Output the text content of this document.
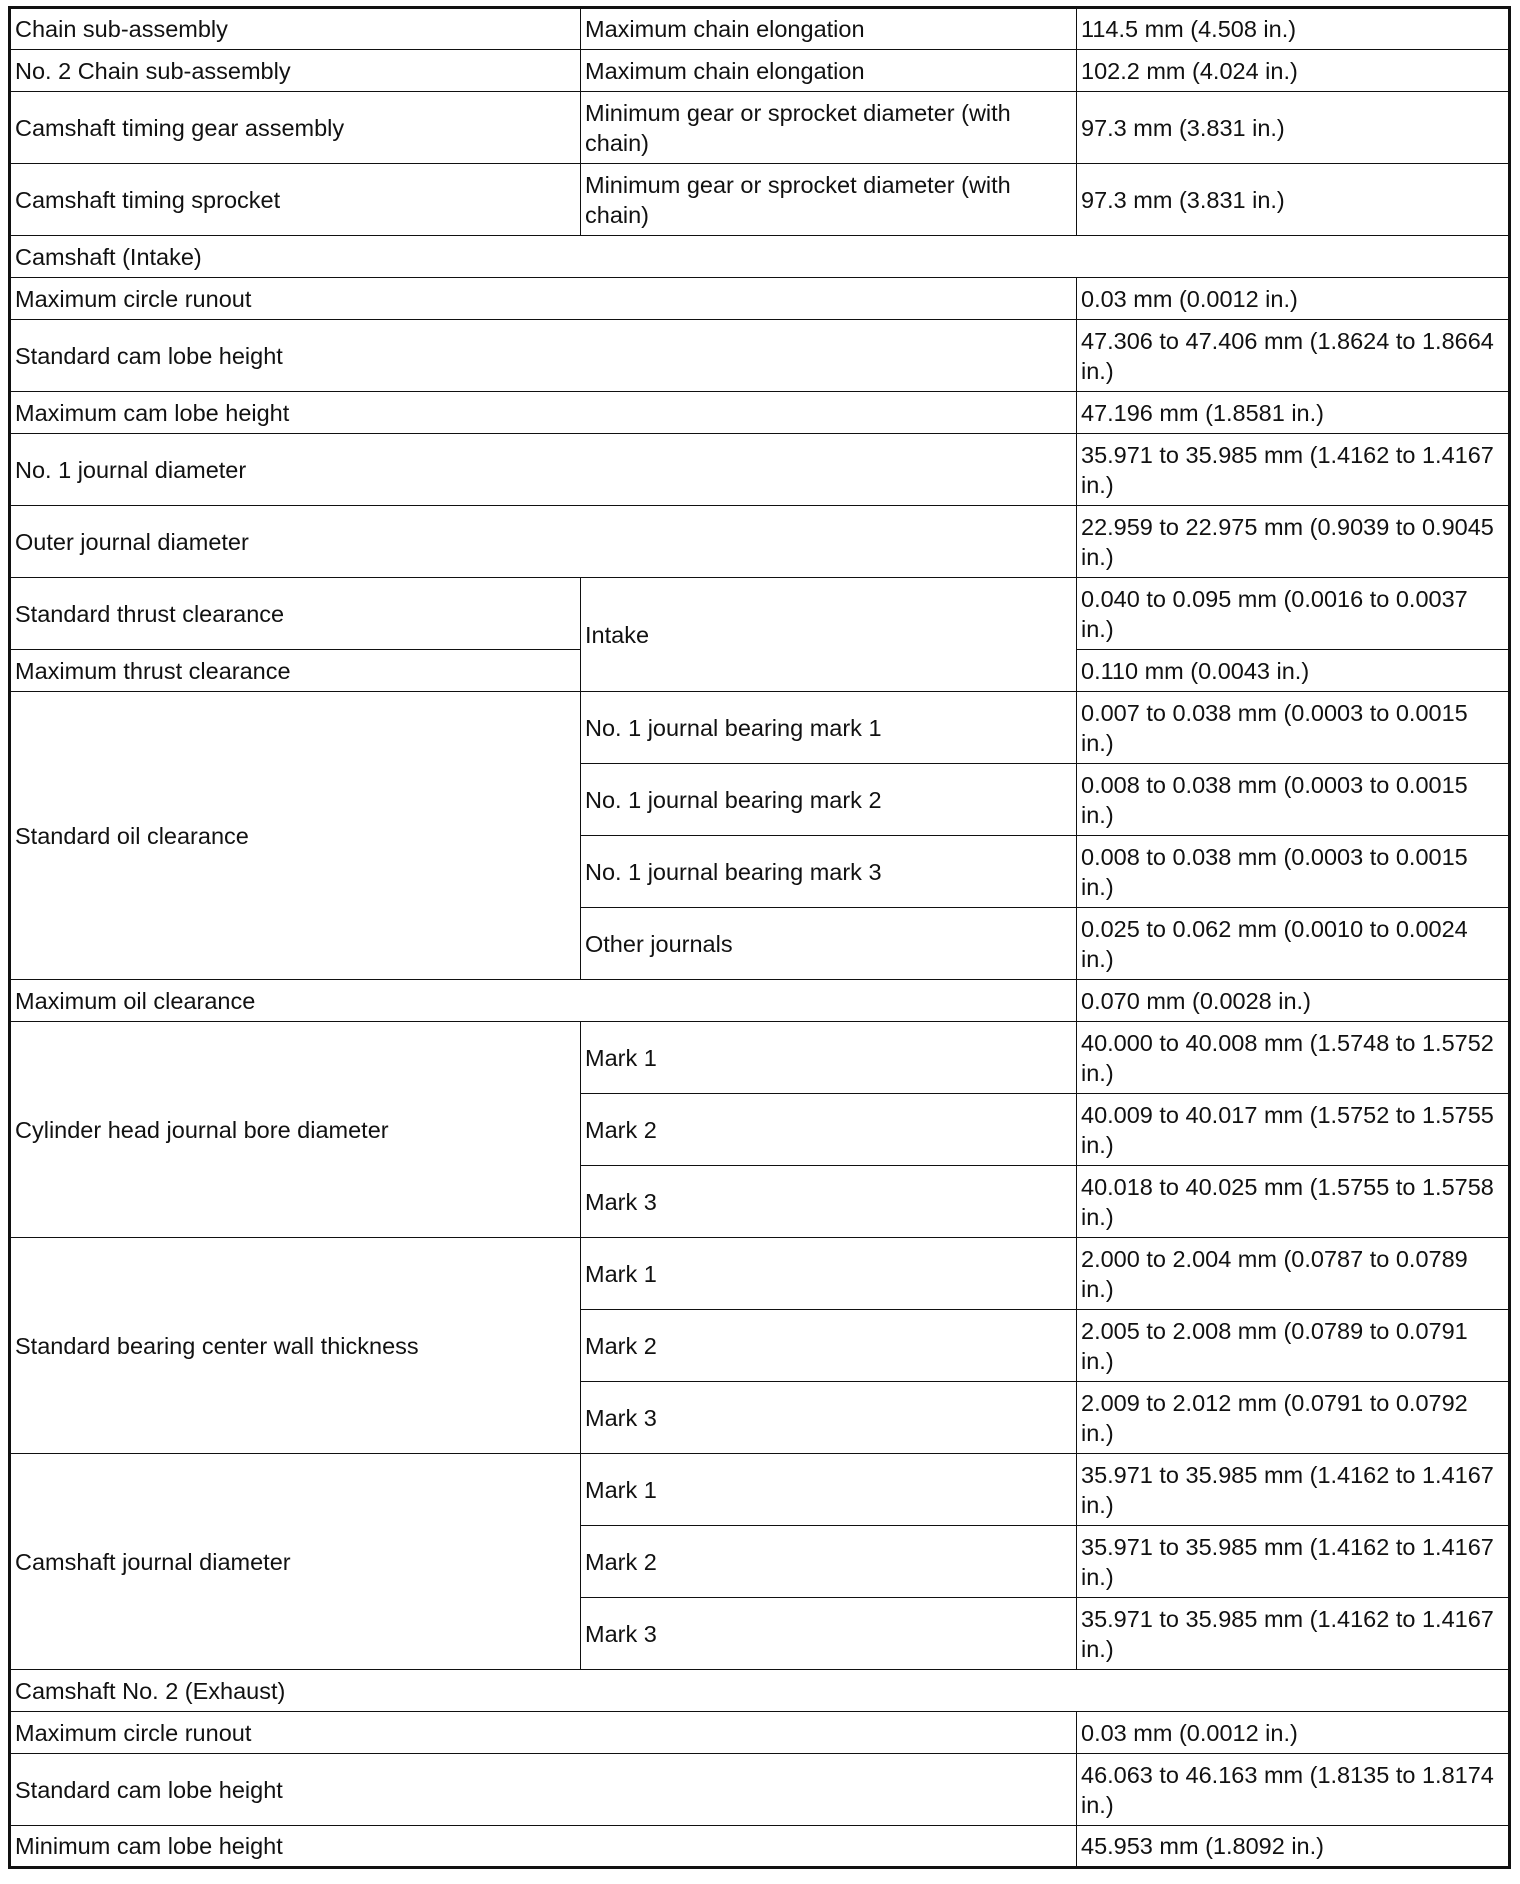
Chain sub-assembly	Maximum chain elongation	114.5 mm (4.508 in.)
No. 2 Chain sub-assembly	Maximum chain elongation	102.2 mm (4.024 in.)
Camshaft timing gear assembly	Minimum gear or sprocket diameter (with chain)	97.3 mm (3.831 in.)
Camshaft timing sprocket	Minimum gear or sprocket diameter (with chain)	97.3 mm (3.831 in.)
Camshaft (Intake)		
Maximum circle runout		0.03 mm (0.0012 in.)
Standard cam lobe height		47.306 to 47.406 mm (1.8624 to 1.8664 in.)
Maximum cam lobe height		47.196 mm (1.8581 in.)
No. 1 journal diameter		35.971 to 35.985 mm (1.4162 to 1.4167 in.)
Outer journal diameter		22.959 to 22.975 mm (0.9039 to 0.9045 in.)
Standard thrust clearance	Intake	0.040 to 0.095 mm (0.0016 to 0.0037 in.)
Maximum thrust clearance		0.110 mm (0.0043 in.)
Standard oil clearance	No. 1 journal bearing mark 1	0.007 to 0.038 mm (0.0003 to 0.0015 in.)
	No. 1 journal bearing mark 2	0.008 to 0.038 mm (0.0003 to 0.0015 in.)
	No. 1 journal bearing mark 3	0.008 to 0.038 mm (0.0003 to 0.0015 in.)
	Other journals	0.025 to 0.062 mm (0.0010 to 0.0024 in.)
Maximum oil clearance		0.070 mm (0.0028 in.)
Cylinder head journal bore diameter	Mark 1	40.000 to 40.008 mm (1.5748 to 1.5752 in.)
	Mark 2	40.009 to 40.017 mm (1.5752 to 1.5755 in.)
	Mark 3	40.018 to 40.025 mm (1.5755 to 1.5758 in.)
Standard bearing center wall thickness	Mark 1	2.000 to 2.004 mm (0.0787 to 0.0789 in.)
	Mark 2	2.005 to 2.008 mm (0.0789 to 0.0791 in.)
	Mark 3	2.009 to 2.012 mm (0.0791 to 0.0792 in.)
Camshaft journal diameter	Mark 1	35.971 to 35.985 mm (1.4162 to 1.4167 in.)
	Mark 2	35.971 to 35.985 mm (1.4162 to 1.4167 in.)
	Mark 3	35.971 to 35.985 mm (1.4162 to 1.4167 in.)
Camshaft No. 2 (Exhaust)		
Maximum circle runout		0.03 mm (0.0012 in.)
Standard cam lobe height		46.063 to 46.163 mm (1.8135 to 1.8174 in.)
Minimum cam lobe height		45.953 mm (1.8092 in.)
